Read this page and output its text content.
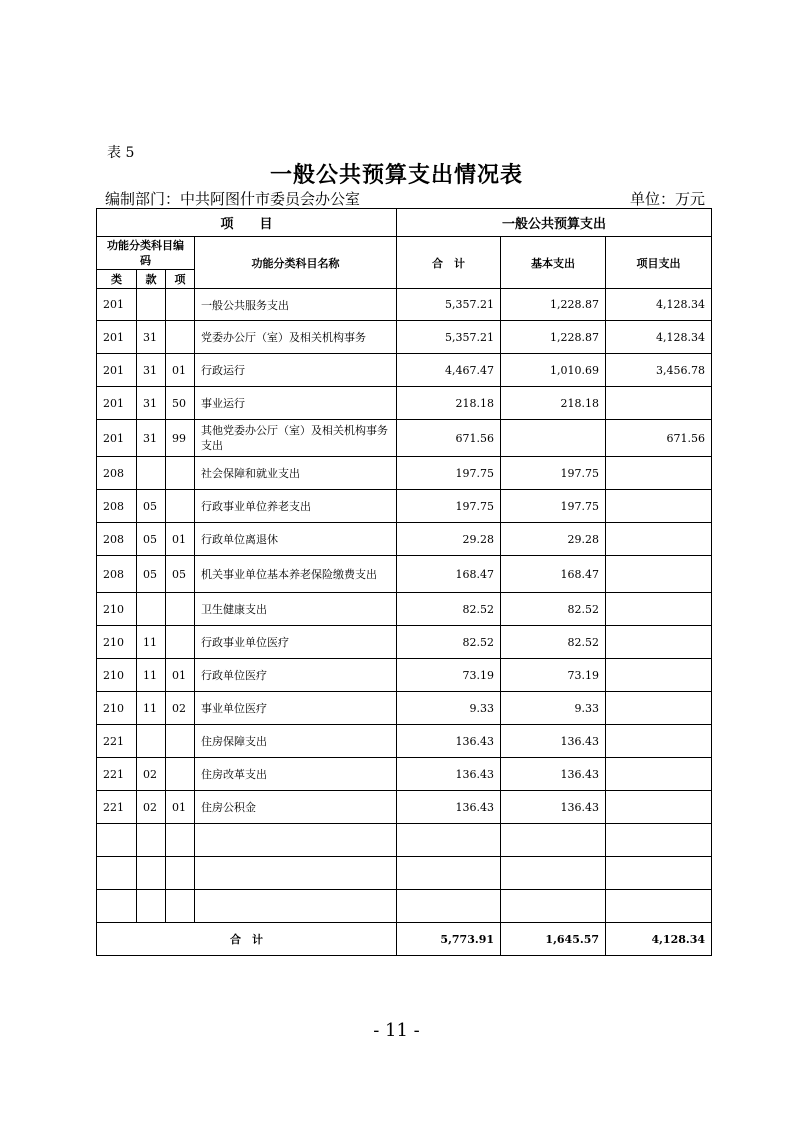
表 5
一般公共预算支出情况表
编制部门：中共阿图什市委员会办公室	单位：万元
项　　目				一般公共预算支出		
功能分类科目编码			功能分类科目名称	合　计	基本支出	项目支出
类	款	项				
201			一般公共服务支出	5,357.21	1,228.87	4,128.34
201	31		党委办公厅（室）及相关机构事务	5,357.21	1,228.87	4,128.34
201	31	01	行政运行	4,467.47	1,010.69	3,456.78
201	31	50	事业运行	218.18	218.18	
201	31	99	其他党委办公厅（室）及相关机构事务支出	671.56		671.56
208			社会保障和就业支出	197.75	197.75	
208	05		行政事业单位养老支出	197.75	197.75	
208	05	01	行政单位离退休	29.28	29.28	
208	05	05	机关事业单位基本养老保险缴费支出	168.47	168.47	
210			卫生健康支出	82.52	82.52	
210	11		行政事业单位医疗	82.52	82.52	
210	11	01	行政单位医疗	73.19	73.19	
210	11	02	事业单位医疗	9.33	9.33	
221			住房保障支出	136.43	136.43	
221	02		住房改革支出	136.43	136.43	
221	02	01	住房公积金	136.43	136.43	

合　计				5,773.91	1,645.57	4,128.34
- 11 -
